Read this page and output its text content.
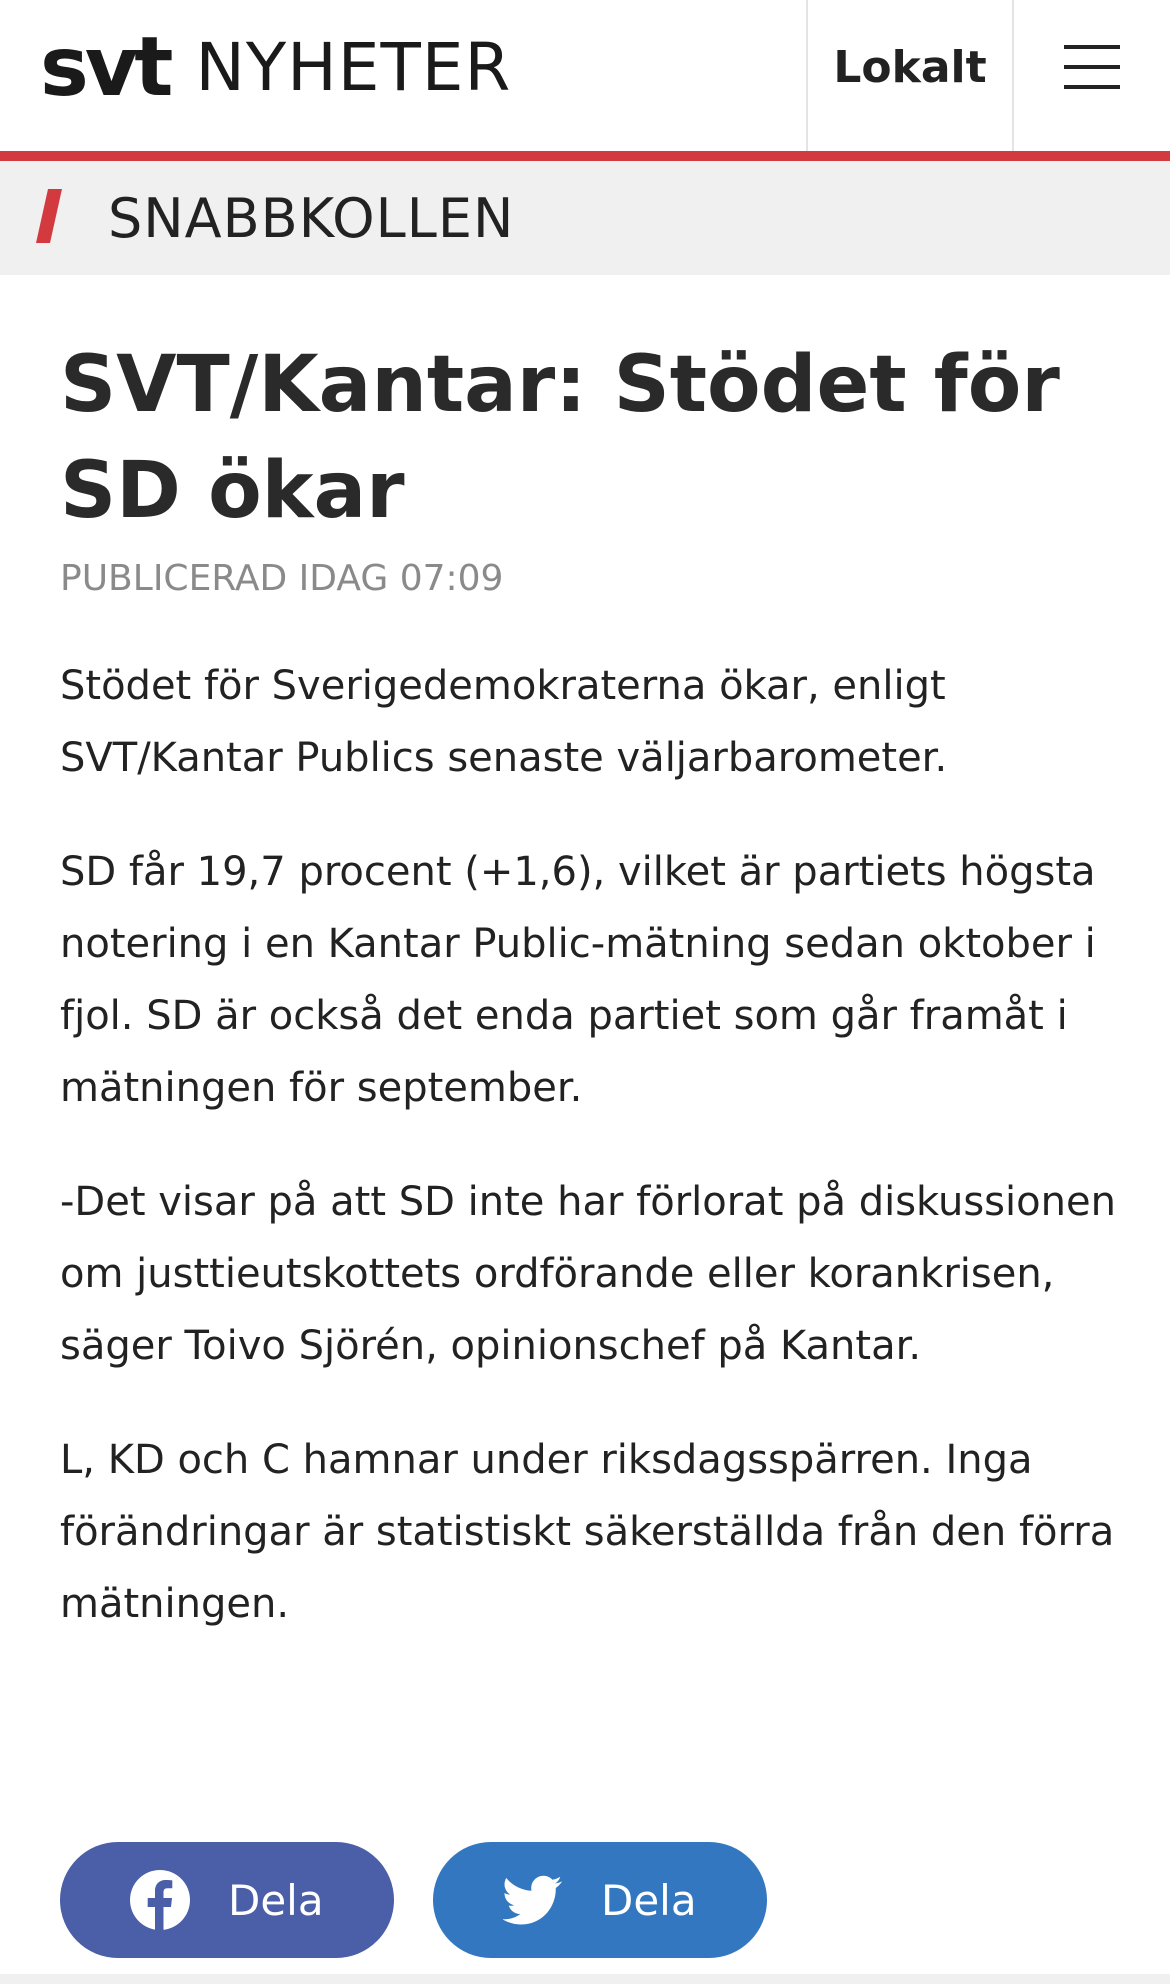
svt NYHETER	Lokalt
SNABBKOLLEN
SVT/Kantar: Stödet för SD ökar
PUBLICERAD IDAG 07:09

Stödet för Sverigedemokraterna ökar, enligt SVT/Kantar Publics senaste väljarbarometer.

SD får 19,7 procent (+1,6), vilket är partiets högsta notering i en Kantar Public-mätning sedan oktober i fjol. SD är också det enda partiet som går framåt i mätningen för september.

-Det visar på att SD inte har förlorat på diskussionen om justtieutskottets ordförande eller korankrisen, säger Toivo Sjörén, opinionschef på Kantar.

L, KD och C hamnar under riksdagsspärren. Inga förändringar är statistiskt säkerställda från den förra mätningen.

Dela	Dela
